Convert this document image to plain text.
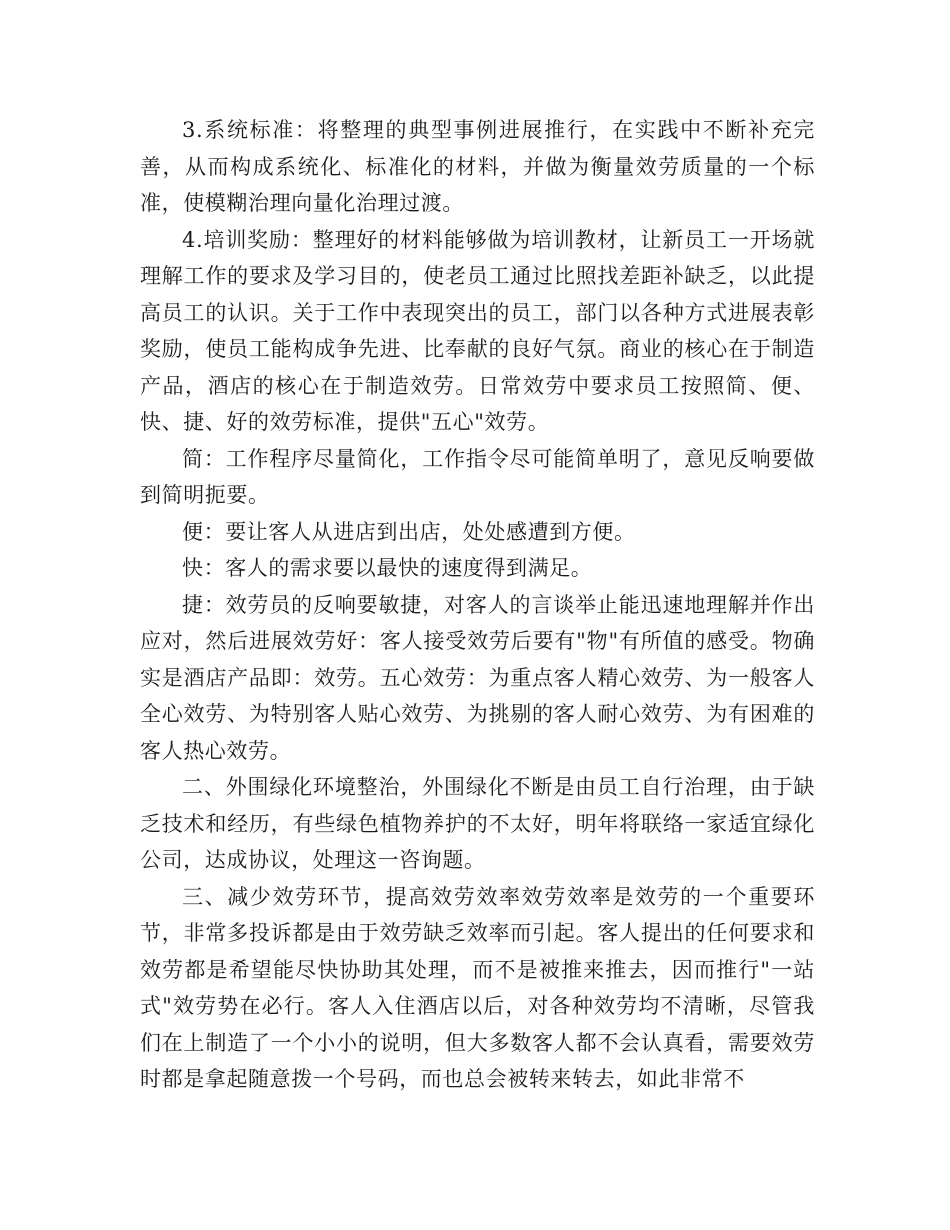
3.系统标准：将整理的典型事例进展推行，在实践中不断补充完善，从而构成系统化、标准化的材料，并做为衡量效劳质量的一个标准，使模糊治理向量化治理过渡。

4.培训奖励：整理好的材料能够做为培训教材，让新员工一开场就理解工作的要求及学习目的，使老员工通过比照找差距补缺乏，以此提高员工的认识。关于工作中表现突出的员工，部门以各种方式进展表彰奖励，使员工能构成争先进、比奉献的良好气氛。商业的核心在于制造产品，酒店的核心在于制造效劳。日常效劳中要求员工按照简、便、快、捷、好的效劳标准，提供"五心"效劳。

简：工作程序尽量简化，工作指令尽可能简单明了，意见反响要做到简明扼要。

便：要让客人从进店到出店，处处感遭到方便。

快：客人的需求要以最快的速度得到满足。

捷：效劳员的反响要敏捷，对客人的言谈举止能迅速地理解并作出应对，然后进展效劳好：客人接受效劳后要有"物"有所值的感受。物确实是酒店产品即：效劳。五心效劳：为重点客人精心效劳、为一般客人全心效劳、为特别客人贴心效劳、为挑剔的客人耐心效劳、为有困难的客人热心效劳。

二、外围绿化环境整治，外围绿化不断是由员工自行治理，由于缺乏技术和经历，有些绿色植物养护的不太好，明年将联络一家适宜绿化公司，达成协议，处理这一咨询题。

三、减少效劳环节，提高效劳效率效劳效率是效劳的一个重要环节，非常多投诉都是由于效劳缺乏效率而引起。客人提出的任何要求和效劳都是希望能尽快协助其处理，而不是被推来推去，因而推行"一站式"效劳势在必行。客人入住酒店以后，对各种效劳均不清晰，尽管我们在上制造了一个小小的说明，但大多数客人都不会认真看，需要效劳时都是拿起随意拨一个号码，而也总会被转来转去，如此非常不
